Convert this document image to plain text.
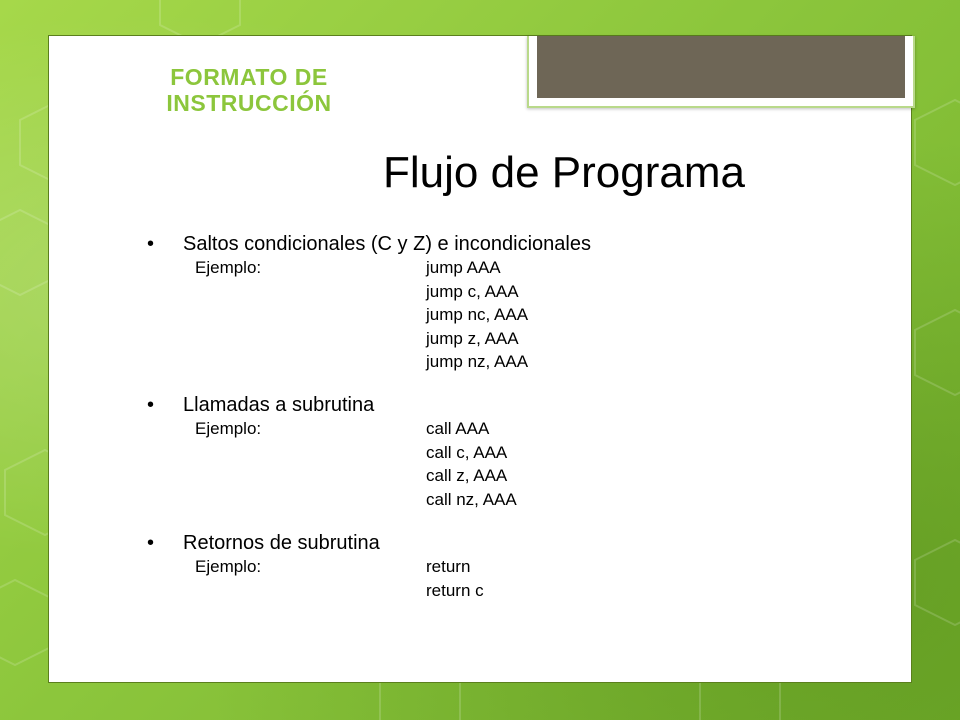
FORMATO DE INSTRUCCIÓN
Flujo de Programa
• Saltos condicionales (C y Z) e incondicionales
Ejemplo:	jump AAA
jump c, AAA
jump nc, AAA
jump z, AAA
jump nz, AAA
• Llamadas a subrutina
Ejemplo:	call AAA
call c, AAA
call z, AAA
call nz, AAA
• Retornos de subrutina
Ejemplo:	return
return c
